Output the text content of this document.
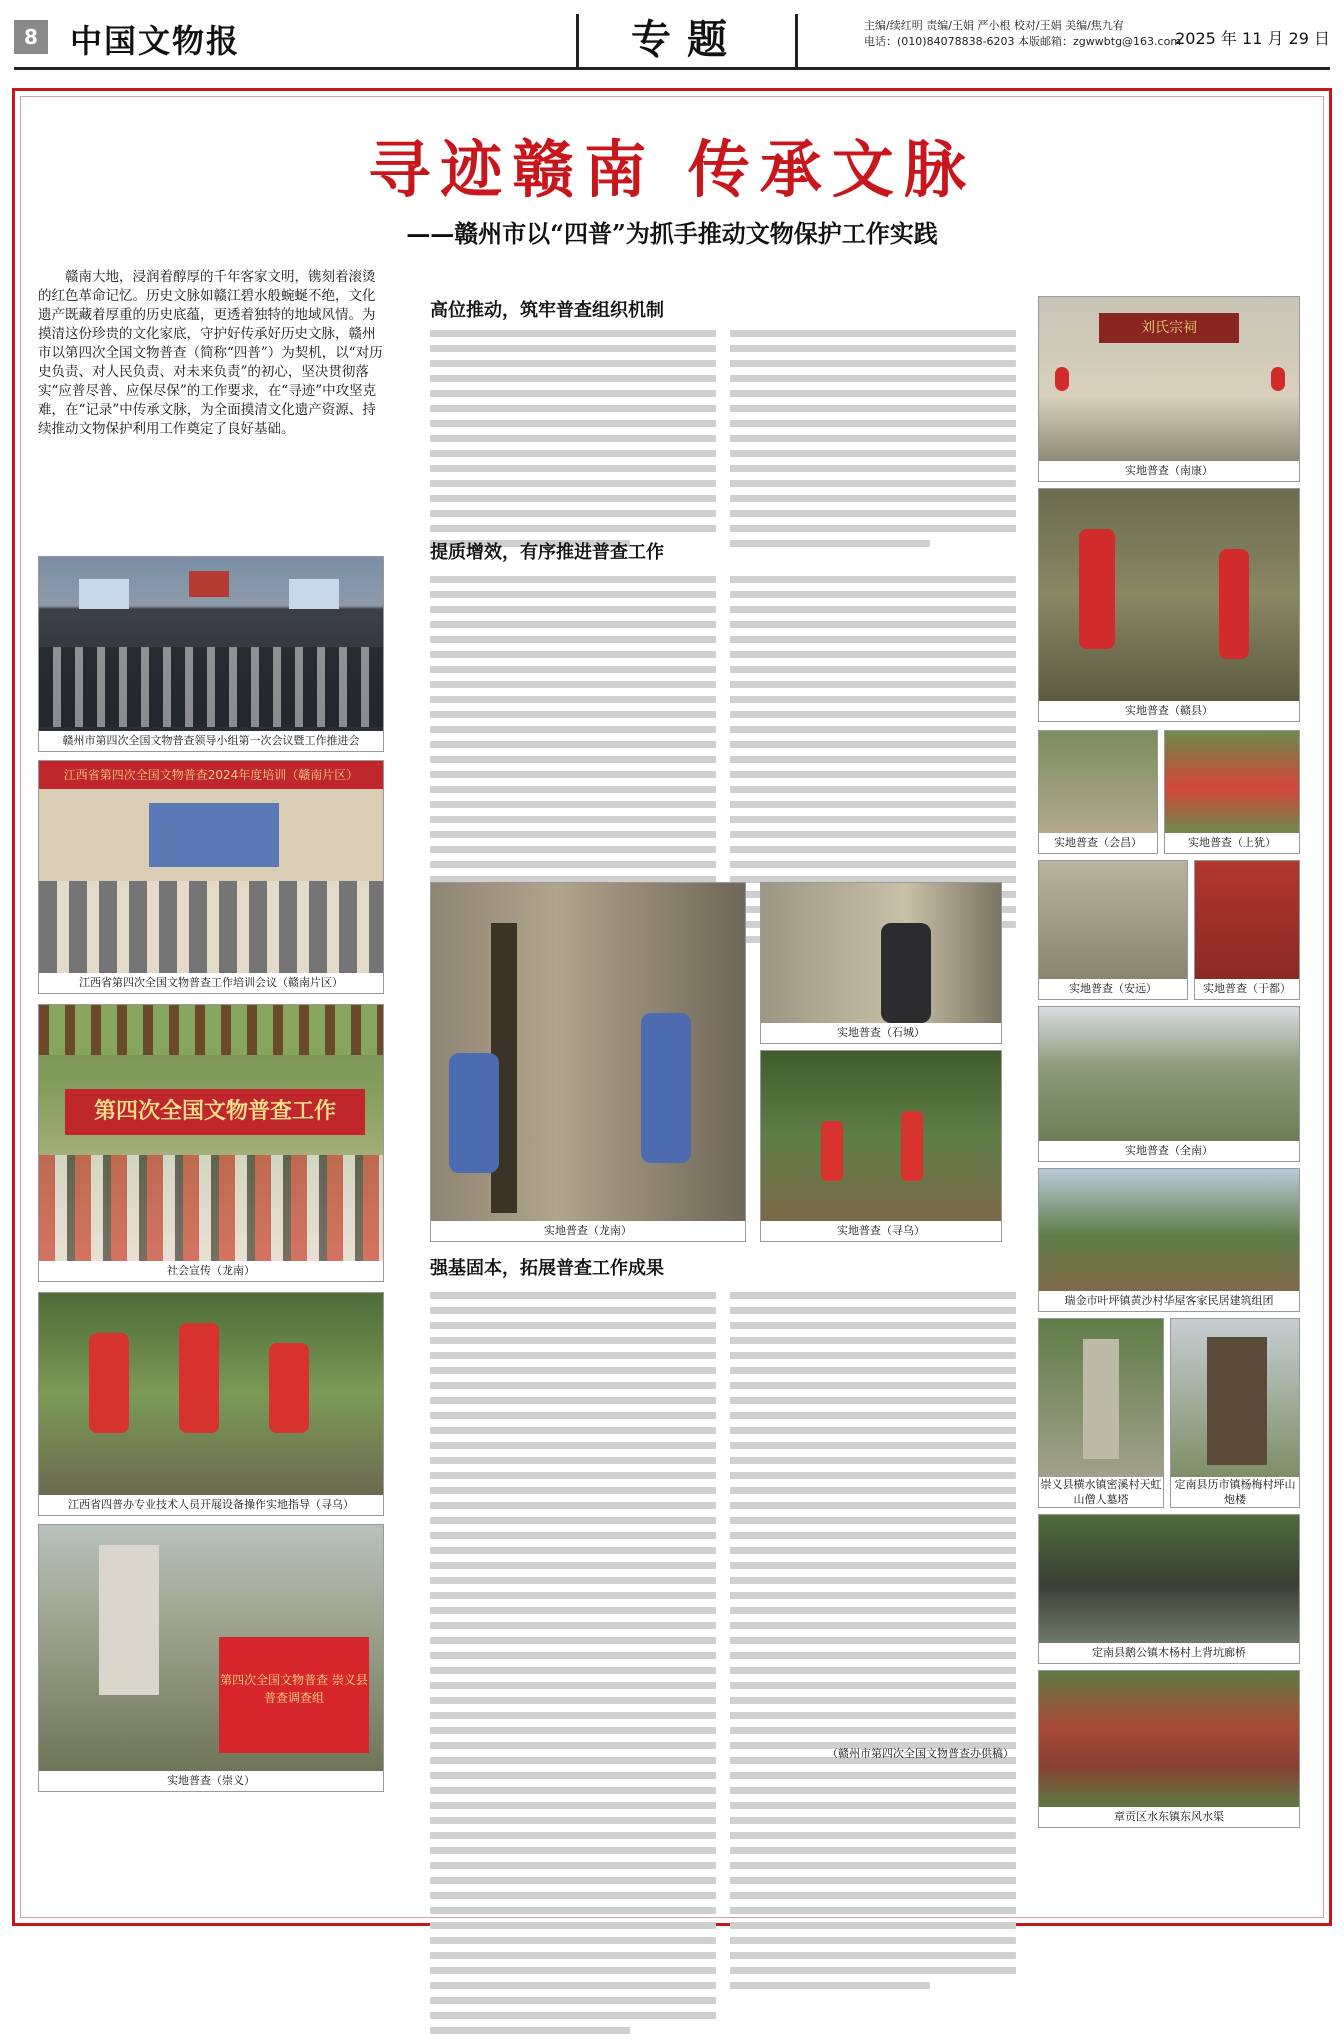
8	中国文物报	专题	主编/续红明 责编/王娟 严小根 校对/王娟 美编/焦九宥
电话：(010)84078838-6203 本版邮箱：zgwwbtg@163.com
2025 年 11 月 29 日
寻迹赣南 传承文脉
——赣州市以“四普”为抓手推动文物保护工作实践
赣南大地，浸润着醇厚的千年客家文明，镌刻着滚烫的红色革命记忆。历史文脉如赣江碧水般蜿蜒不绝，文化遗产既藏着厚重的历史底蕴，更透着独特的地域风情。为摸清这份珍贵的文化家底，守护好传承好历史文脉，赣州市以第四次全国文物普查（简称“四普”）为契机，以“对历史负责、对人民负责、对未来负责”的初心，坚决贯彻落实“应普尽普、应保尽保”的工作要求，在“寻迹”中攻坚克难，在“记录”中传承文脉，为全面摸清文化遗产资源、持续推动文物保护利用工作奠定了良好基础。
赣州市第四次全国文物普查领导小组第一次会议暨工作推进会
江西省第四次全国文物普查2024年度培训（赣南片区）
江西省第四次全国文物普查工作培训会议（赣南片区）
第四次全国文物普查工作
社会宣传（龙南）
江西省四普办专业技术人员开展设备操作实地指导（寻乌）
第四次全国文物普查 崇义县普查调查组
实地普查（崇义）
高位推动，筑牢普查组织机制
提质增效，有序推进普查工作
实地普查（龙南）
实地普查（石城）
实地普查（寻乌）
强基固本，拓展普查工作成果
（赣州市第四次全国文物普查办供稿）
刘氏宗祠
实地普查（南康）
实地普查（赣县）
实地普查（会昌）	实地普查（上犹）
实地普查（安远）	实地普查（于都）
实地普查（全南）
瑞金市叶坪镇黄沙村华屋客家民居建筑组团
崇义县横水镇密溪村天虹山僧人墓塔
定南县历市镇杨梅村坪山炮楼
定南县鹅公镇木杨村上背坑廊桥
章贡区水东镇东风水渠
